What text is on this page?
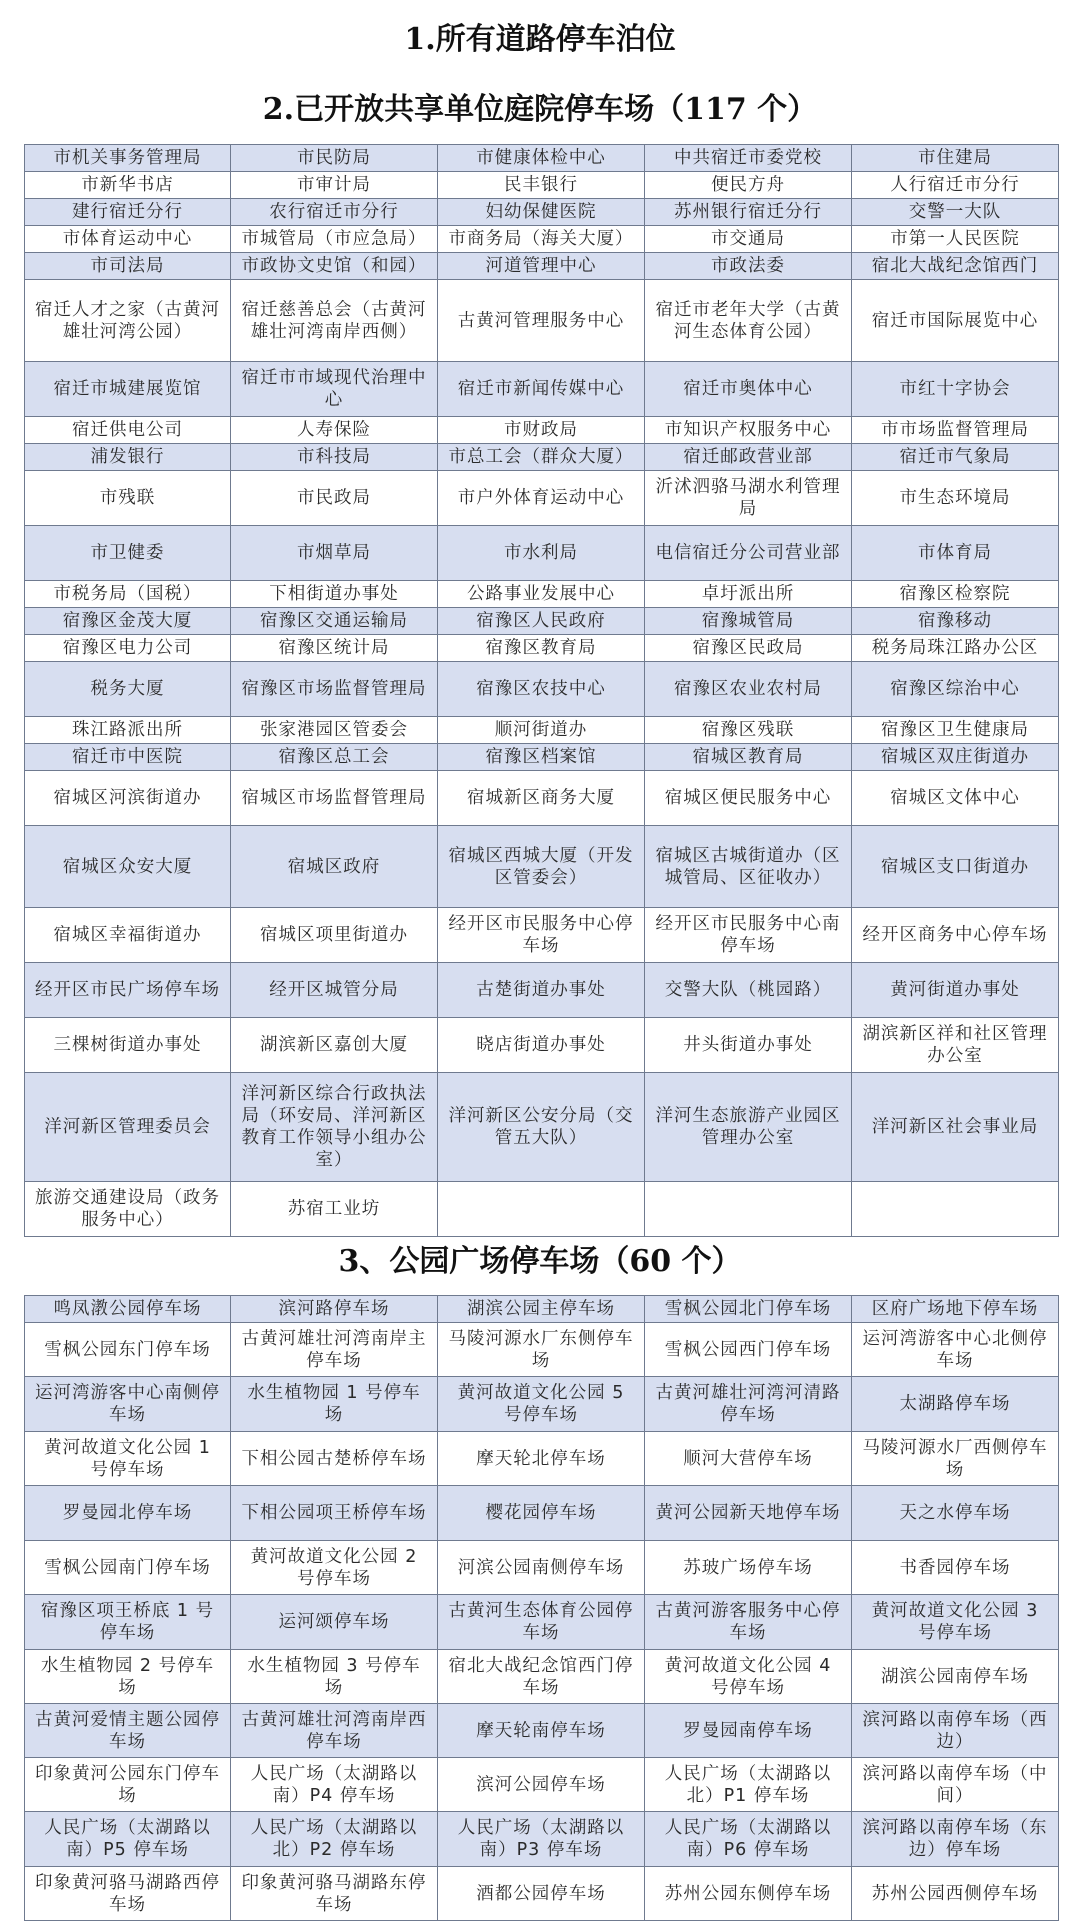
1.所有道路停车泊位
2.已开放共享单位庭院停车场（117 个）
市机关事务管理局	市民防局	市健康体检中心	中共宿迁市委党校	市住建局
市新华书店	市审计局	民丰银行	便民方舟	人行宿迁市分行
建行宿迁分行	农行宿迁市分行	妇幼保健医院	苏州银行宿迁分行	交警一大队
市体育运动中心	市城管局（市应急局）	市商务局（海关大厦）	市交通局	市第一人民医院
市司法局	市政协文史馆（和园）	河道管理中心	市政法委	宿北大战纪念馆西门
宿迁人才之家（古黄河雄壮河湾公园）	宿迁慈善总会（古黄河雄壮河湾南岸西侧）	古黄河管理服务中心	宿迁市老年大学（古黄河生态体育公园）	宿迁市国际展览中心
宿迁市城建展览馆	宿迁市市域现代治理中心	宿迁市新闻传媒中心	宿迁市奥体中心	市红十字协会
宿迁供电公司	人寿保险	市财政局	市知识产权服务中心	市市场监督管理局
浦发银行	市科技局	市总工会（群众大厦）	宿迁邮政营业部	宿迁市气象局
市残联	市民政局	市户外体育运动中心	沂沭泗骆马湖水利管理局	市生态环境局
市卫健委	市烟草局	市水利局	电信宿迁分公司营业部	市体育局
市税务局（国税）	下相街道办事处	公路事业发展中心	卓圩派出所	宿豫区检察院
宿豫区金茂大厦	宿豫区交通运输局	宿豫区人民政府	宿豫城管局	宿豫移动
宿豫区电力公司	宿豫区统计局	宿豫区教育局	宿豫区民政局	税务局珠江路办公区
税务大厦	宿豫区市场监督管理局	宿豫区农技中心	宿豫区农业农村局	宿豫区综治中心
珠江路派出所	张家港园区管委会	顺河街道办	宿豫区残联	宿豫区卫生健康局
宿迁市中医院	宿豫区总工会	宿豫区档案馆	宿城区教育局	宿城区双庄街道办
宿城区河滨街道办	宿城区市场监督管理局	宿城新区商务大厦	宿城区便民服务中心	宿城区文体中心
宿城区众安大厦	宿城区政府	宿城区西城大厦（开发区管委会）	宿城区古城街道办（区城管局、区征收办）	宿城区支口街道办
宿城区幸福街道办	宿城区项里街道办	经开区市民服务中心停车场	经开区市民服务中心南停车场	经开区商务中心停车场
经开区市民广场停车场	经开区城管分局	古楚街道办事处	交警大队（桃园路）	黄河街道办事处
三棵树街道办事处	湖滨新区嘉创大厦	晓店街道办事处	井头街道办事处	湖滨新区祥和社区管理办公室
洋河新区管理委员会	洋河新区综合行政执法局（环安局、洋河新区教育工作领导小组办公室）	洋河新区公安分局（交管五大队）	洋河生态旅游产业园区管理办公室	洋河新区社会事业局
旅游交通建设局（政务服务中心）	苏宿工业坊			
3、公园广场停车场（60 个）
鸣凤漖公园停车场	滨河路停车场	湖滨公园主停车场	雪枫公园北门停车场	区府广场地下停车场
雪枫公园东门停车场	古黄河雄壮河湾南岸主停车场	马陵河源水厂东侧停车场	雪枫公园西门停车场	运河湾游客中心北侧停车场
运河湾游客中心南侧停车场	水生植物园 1 号停车场	黄河故道文化公园 5 号停车场	古黄河雄壮河湾河清路停车场	太湖路停车场
黄河故道文化公园 1 号停车场	下相公园古楚桥停车场	摩天轮北停车场	顺河大营停车场	马陵河源水厂西侧停车场
罗曼园北停车场	下相公园项王桥停车场	樱花园停车场	黄河公园新天地停车场	天之水停车场
雪枫公园南门停车场	黄河故道文化公园 2 号停车场	河滨公园南侧停车场	苏玻广场停车场	书香园停车场
宿豫区项王桥底 1 号停车场	运河颂停车场	古黄河生态体育公园停车场	古黄河游客服务中心停车场	黄河故道文化公园 3 号停车场
水生植物园 2 号停车场	水生植物园 3 号停车场	宿北大战纪念馆西门停车场	黄河故道文化公园 4 号停车场	湖滨公园南停车场
古黄河爱情主题公园停车场	古黄河雄壮河湾南岸西停车场	摩天轮南停车场	罗曼园南停车场	滨河路以南停车场（西边）
印象黄河公园东门停车场	人民广场（太湖路以南）P4 停车场	滨河公园停车场	人民广场（太湖路以北）P1 停车场	滨河路以南停车场（中间）
人民广场（太湖路以南）P5 停车场	人民广场（太湖路以北）P2 停车场	人民广场（太湖路以南）P3 停车场	人民广场（太湖路以南）P6 停车场	滨河路以南停车场（东边）停车场
印象黄河骆马湖路西停车场	印象黄河骆马湖路东停车场	酒都公园停车场	苏州公园东侧停车场	苏州公园西侧停车场
